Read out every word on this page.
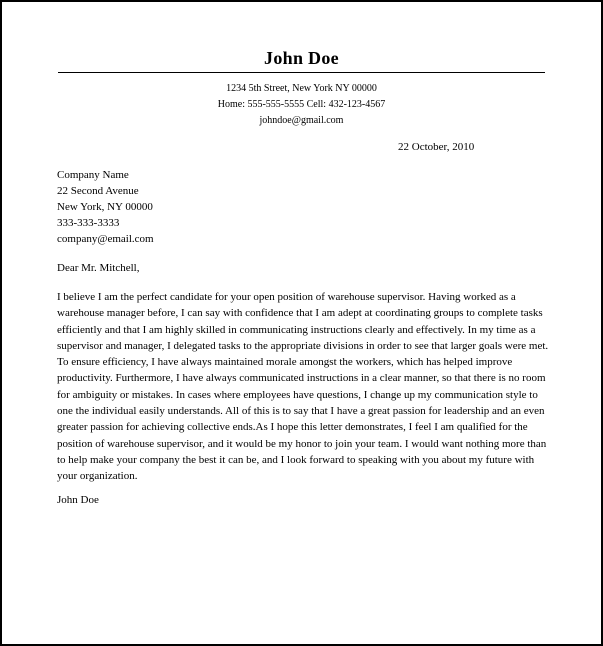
John Doe
1234 5th Street, New York NY 00000
Home: 555-555-5555 Cell: 432-123-4567
johndoe@gmail.com
22 October, 2010
Company Name
22 Second Avenue
New York, NY 00000
333-333-3333
company@email.com
Dear Mr. Mitchell,
I believe I am the perfect candidate for your open position of warehouse supervisor. Having worked as a warehouse manager before, I can say with confidence that I am adept at coordinating groups to complete tasks efficiently and that I am highly skilled in communicating instructions clearly and effectively. In my time as a supervisor and manager, I delegated tasks to the appropriate divisions in order to see that larger goals were met. To ensure efficiency, I have always maintained morale amongst the workers, which has helped improve productivity. Furthermore, I have always communicated instructions in a clear manner, so that there is no room for ambiguity or mistakes. In cases where employees have questions, I change up my communication style to one the individual easily understands. All of this is to say that I have a great passion for leadership and an even greater passion for achieving collective ends.As I hope this letter demonstrates, I feel I am qualified for the position of warehouse supervisor, and it would be my honor to join your team. I would want nothing more than to help make your company the best it can be, and I look forward to speaking with you about my future with your organization.
John Doe
